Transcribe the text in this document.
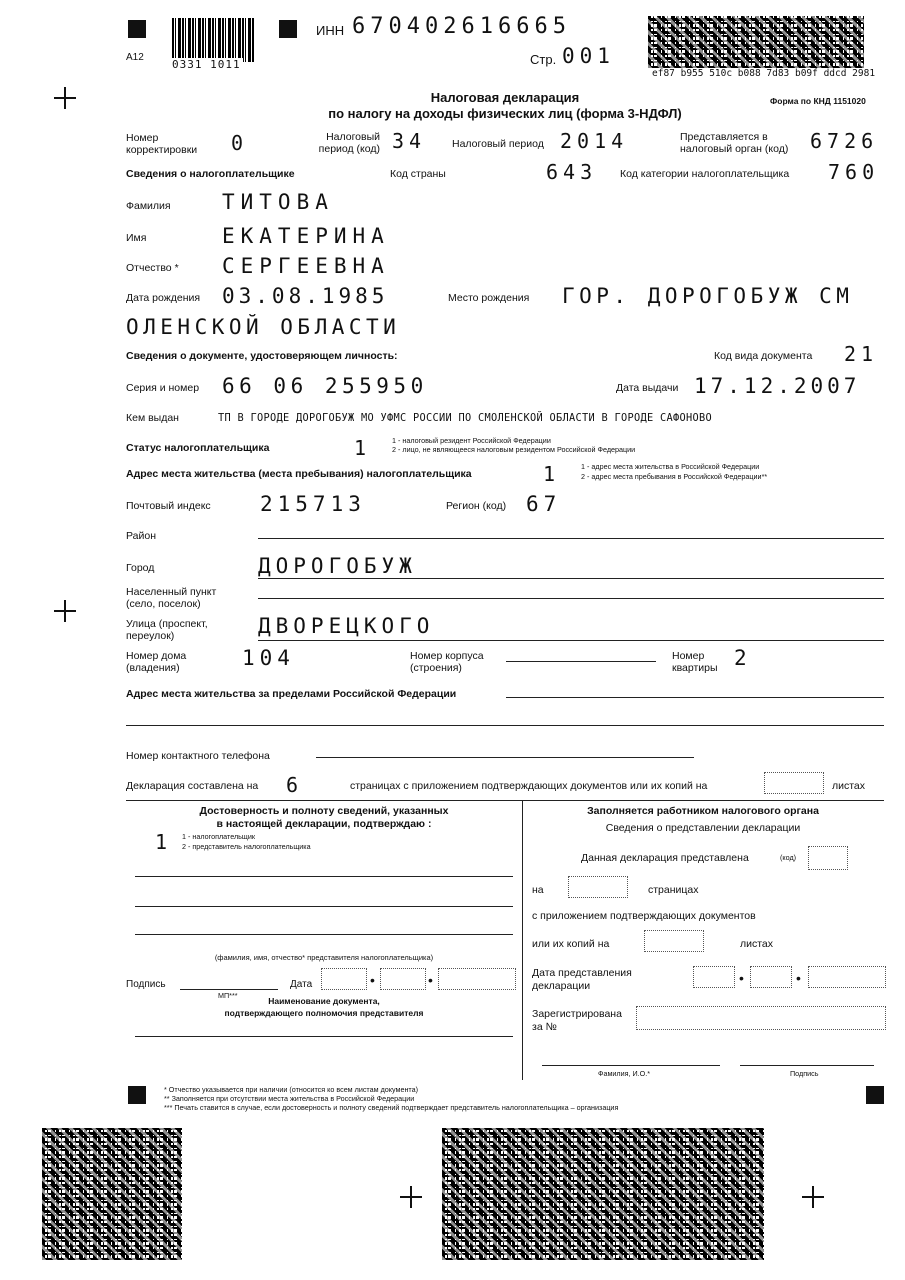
A12
0331 1011
ИНН 670402616665
Стр. 001
ef87 b955 510c b088 7d83 b09f ddcd 2981
Налоговая декларация
по налогу на доходы физических лиц (форма 3-НДФЛ)
Форма по КНД 1151020
Номер
корректировки	0	Налоговый
период (код) 34 Налоговый период 2014	Представляется в
налоговый орган (код)	6726
Сведения о налогоплательщике	Код страны	643 Код категории налогоплательщика 760
Фамилия ТИТОВА
Имя	ЕКАТЕРИНА
Отчество * СЕРГЕЕВНА
Дата рождения 03.08.1985	Место рождения ГОР. ДОРОГОБУЖ СМ
ОЛЕНСКОЙ ОБЛАСТИ
Сведения о документе, удостоверяющем личность:	Код вида документа 21
Серия и номер 66 06 255950	Дата выдачи 17.12.2007
Кем выдан	ТП В ГОРОДЕ ДОРОГОБУЖ МО УФМС РОССИИ ПО СМОЛЕНСКОЙ ОБЛАСТИ В ГОРОДЕ САФОНОВО
Статус налогоплательщика	1	1 - налоговый резидент Российской Федерации
2 - лицо, не являющееся налоговым резидентом Российской Федерации
Адрес места жительства (места пребывания) налогоплательщика	1	1 - адрес места жительства в Российской Федерации
2 - адрес места пребывания в Российской Федерации**
Почтовый индекс 215713	Регион (код) 67
Район
Город	ДОРОГОБУЖ
Населенный пункт
(село, поселок)
Улица (проспект,
переулок)	ДВОРЕЦКОГО
Номер дома
(владения)	104	Номер корпуса
(строения)
Номер
квартиры 2
Адрес места жительства за пределами Российской Федерации
Номер контактного телефона
Декларация составлена на 6	страницах с приложением подтверждающих документов или их копий на	листах
Достоверность и полноту сведений, указанных
в настоящей декларации, подтверждаю :
1 1 - налогоплательщик
2 - представитель налогоплательщика
(фамилия, имя, отчество* представителя налогоплательщика)
Подпись	Дата	•	•
МП***
Наименование документа,
подтверждающего полномочия представителя
Заполняется работником налогового органа
Сведения о представлении декларации
Данная декларация представлена	(код)
на	страницах
с приложением подтверждающих документов
или их копий на	листах
Дата представления
декларации	•	•
Зарегистрирована
за №
Фамилия, И.О.*	Подпись
* Отчество указывается при наличии (относится ко всем листам документа)
** Заполняется при отсутствии места жительства в Российской Федерации
*** Печать ставится в случае, если достоверность и полноту сведений подтверждает представитель налогоплательщика – организация
